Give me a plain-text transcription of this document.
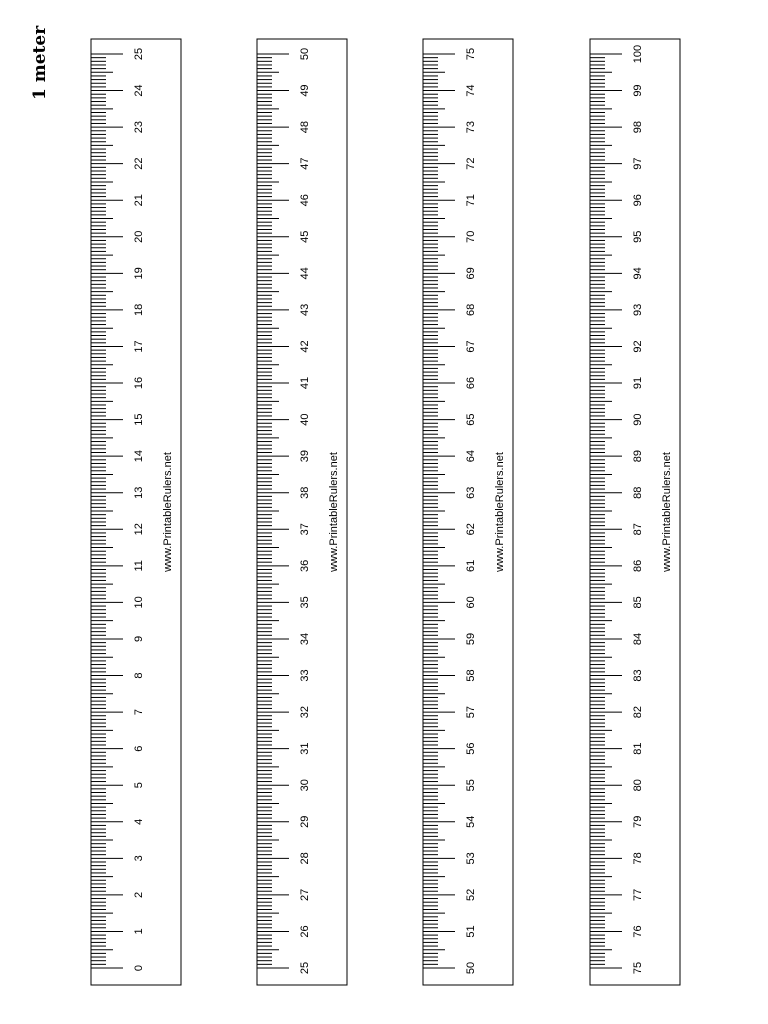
1 meter
0
1
2
3
4
5
6
7
8
9
10
11
12
13
14
15
16
17
18
19
20
21
22
23
24
25
www.PrintableRulers.net
25
26
27
28
29
30
31
32
33
34
35
36
37
38
39
40
41
42
43
44
45
46
47
48
49
50
www.PrintableRulers.net
50
51
52
53
54
55
56
57
58
59
60
61
62
63
64
65
66
67
68
69
70
71
72
73
74
75
www.PrintableRulers.net
75
76
77
78
79
80
81
82
83
84
85
86
87
88
89
90
91
92
93
94
95
96
97
98
99
100
www.PrintableRulers.net
